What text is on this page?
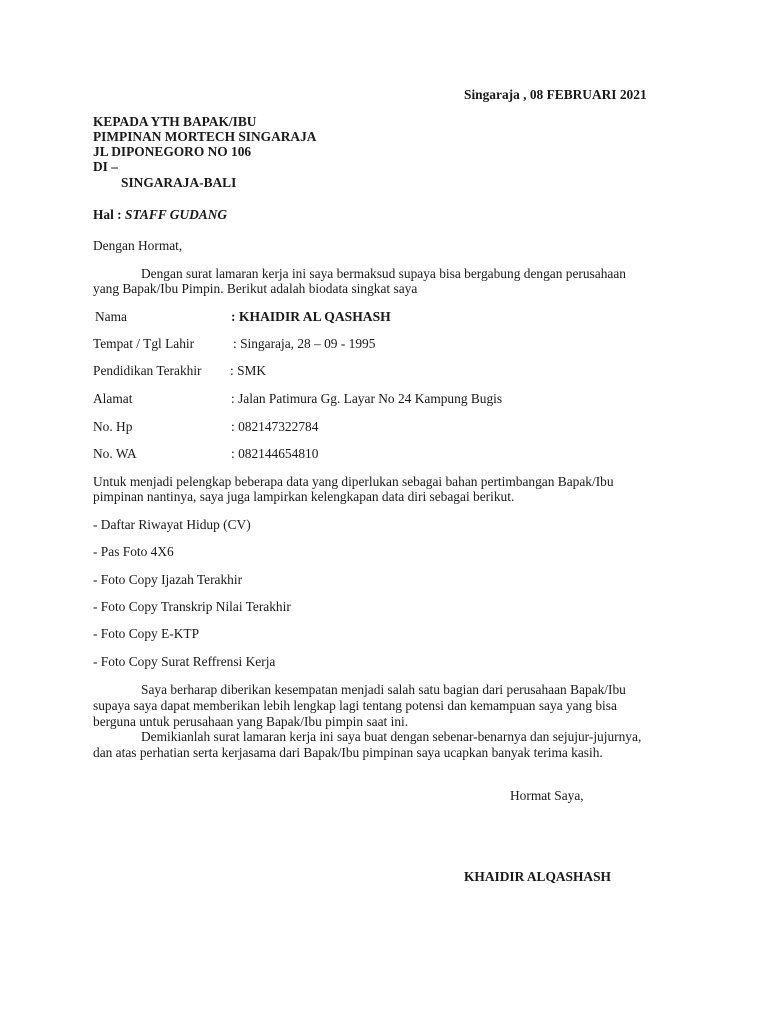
Singaraja , 08 FEBRUARI 2021
KEPADA YTH BAPAK/IBU
PIMPINAN MORTECH SINGARAJA
JL DIPONEGORO NO 106
DI –
SINGARAJA-BALI
Hal : STAFF GUDANG
Dengan Hormat,
Dengan surat lamaran kerja ini saya bermaksud supaya bisa bergabung dengan perusahaan
yang Bapak/Ibu Pimpin. Berikut adalah biodata singkat saya
Nama	: KHAIDIR AL QASHASH
Tempat / Tgl Lahir	: Singaraja, 28 – 09 - 1995
Pendidikan Terakhir : SMK
Alamat	: Jalan Patimura Gg. Layar No 24 Kampung Bugis
No. Hp	: 082147322784
No. WA	: 082144654810
Untuk menjadi pelengkap beberapa data yang diperlukan sebagai bahan pertimbangan Bapak/Ibu
pimpinan nantinya, saya juga lampirkan kelengkapan data diri sebagai berikut.
- Daftar Riwayat Hidup (CV)
- Pas Foto 4X6
- Foto Copy Ijazah Terakhir
- Foto Copy Transkrip Nilai Terakhir
- Foto Copy E-KTP
- Foto Copy Surat Reffrensi Kerja
Saya berharap diberikan kesempatan menjadi salah satu bagian dari perusahaan Bapak/Ibu
supaya saya dapat memberikan lebih lengkap lagi tentang potensi dan kemampuan saya yang bisa
berguna untuk perusahaan yang Bapak/Ibu pimpin saat ini.
Demikianlah surat lamaran kerja ini saya buat dengan sebenar-benarnya dan sejujur-jujurnya,
dan atas perhatian serta kerjasama dari Bapak/Ibu pimpinan saya ucapkan banyak terima kasih.
Hormat Saya,
KHAIDIR ALQASHASH
